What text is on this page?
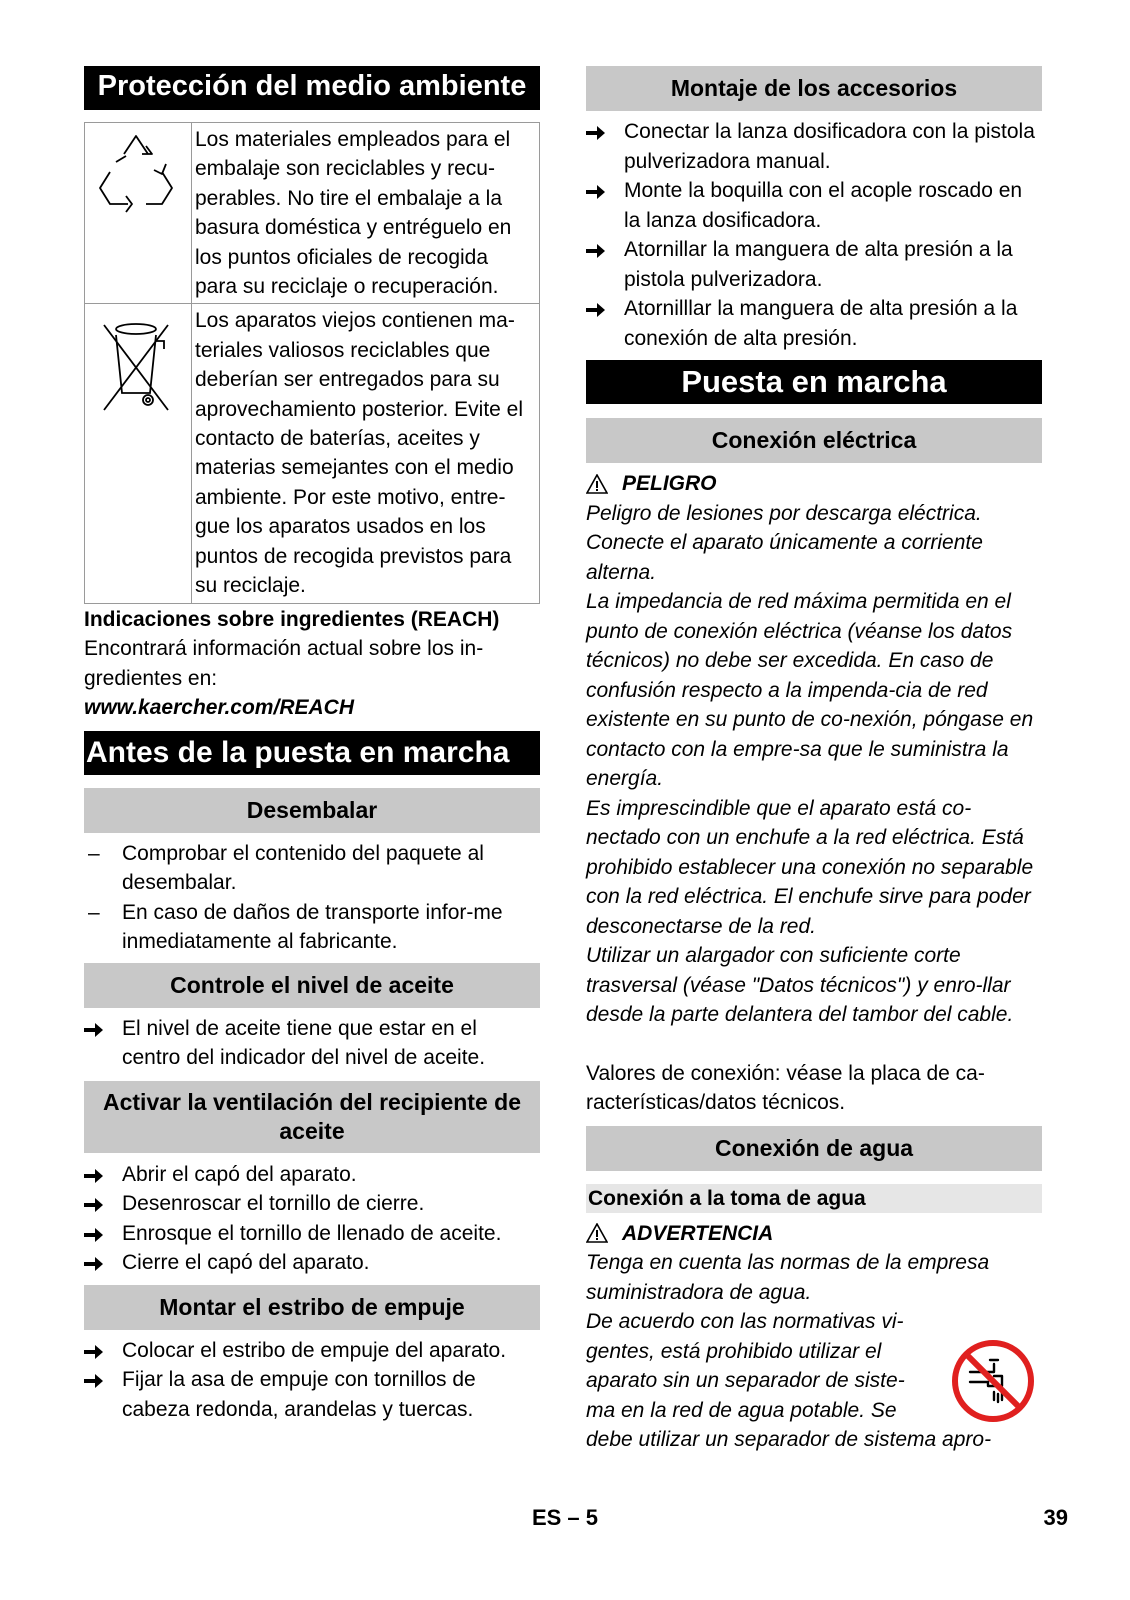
Protección del medio ambiente
	Los materiales empleados para el embalaje son reciclables y recu-perables. No tire el embalaje a la basura doméstica y entréguelo en los puntos oficiales de recogida para su reciclaje o recuperación.
	Los aparatos viejos contienen ma-teriales valiosos reciclables que deberían ser entregados para su aprovechamiento posterior. Evite el contacto de baterías, aceites y materias semejantes con el medio ambiente. Por este motivo, entre-gue los aparatos usados en los puntos de recogida previstos para su reciclaje.
Indicaciones sobre ingredientes (REACH)
Encontrará información actual sobre los in-gredientes en:
www.kaercher.com/REACH
Antes de la puesta en marcha
Desembalar
–	Comprobar el contenido del paquete al desembalar.
–	En caso de daños de transporte infor-me inmediatamente al fabricante.
Controle el nivel de aceite
El nivel de aceite tiene que estar en el centro del indicador del nivel de aceite.
Activar la ventilación del recipiente de aceite
Abrir el capó del aparato.
Desenroscar el tornillo de cierre.
Enrosque el tornillo de llenado de aceite.
Cierre el capó del aparato.
Montar el estribo de empuje
Colocar el estribo de empuje del aparato.
Fijar la asa de empuje con tornillos de cabeza redonda, arandelas y tuercas.
Montaje de los accesorios
Conectar la lanza dosificadora con la pistola pulverizadora manual.
Monte la boquilla con el acople roscado en la lanza dosificadora.
Atornillar la manguera de alta presión a la pistola pulverizadora.
Atornilllar la manguera de alta presión a la conexión de alta presión.
Puesta en marcha
Conexión eléctrica
PELIGRO
Peligro de lesiones por descarga eléctrica. Conecte el aparato únicamente a corriente alterna.
La impedancia de red máxima permitida en el punto de conexión eléctrica (véanse los datos técnicos) no debe ser excedida. En caso de confusión respecto a la impenda-cia de red existente en su punto de co-nexión, póngase en contacto con la empre-sa que le suministra la energía.
Es imprescindible que el aparato está co-nectado con un enchufe a la red eléctrica. Está prohibido establecer una conexión no separable con la red eléctrica. El enchufe sirve para poder desconectarse de la red.
Utilizar un alargador con suficiente corte trasversal (véase "Datos técnicos") y enro-llar desde la parte delantera del tambor del cable.
Valores de conexión: véase la placa de ca-racterísticas/datos técnicos.
Conexión de agua
Conexión a la toma de agua
ADVERTENCIA
Tenga en cuenta las normas de la empresa suministradora de agua.
De acuerdo con las normativas vi-
gentes, está prohibido utilizar el
aparato sin un separador de siste-
ma en la red de agua potable. Se
debe utilizar un separador de sistema apro-
ES – 5	39
